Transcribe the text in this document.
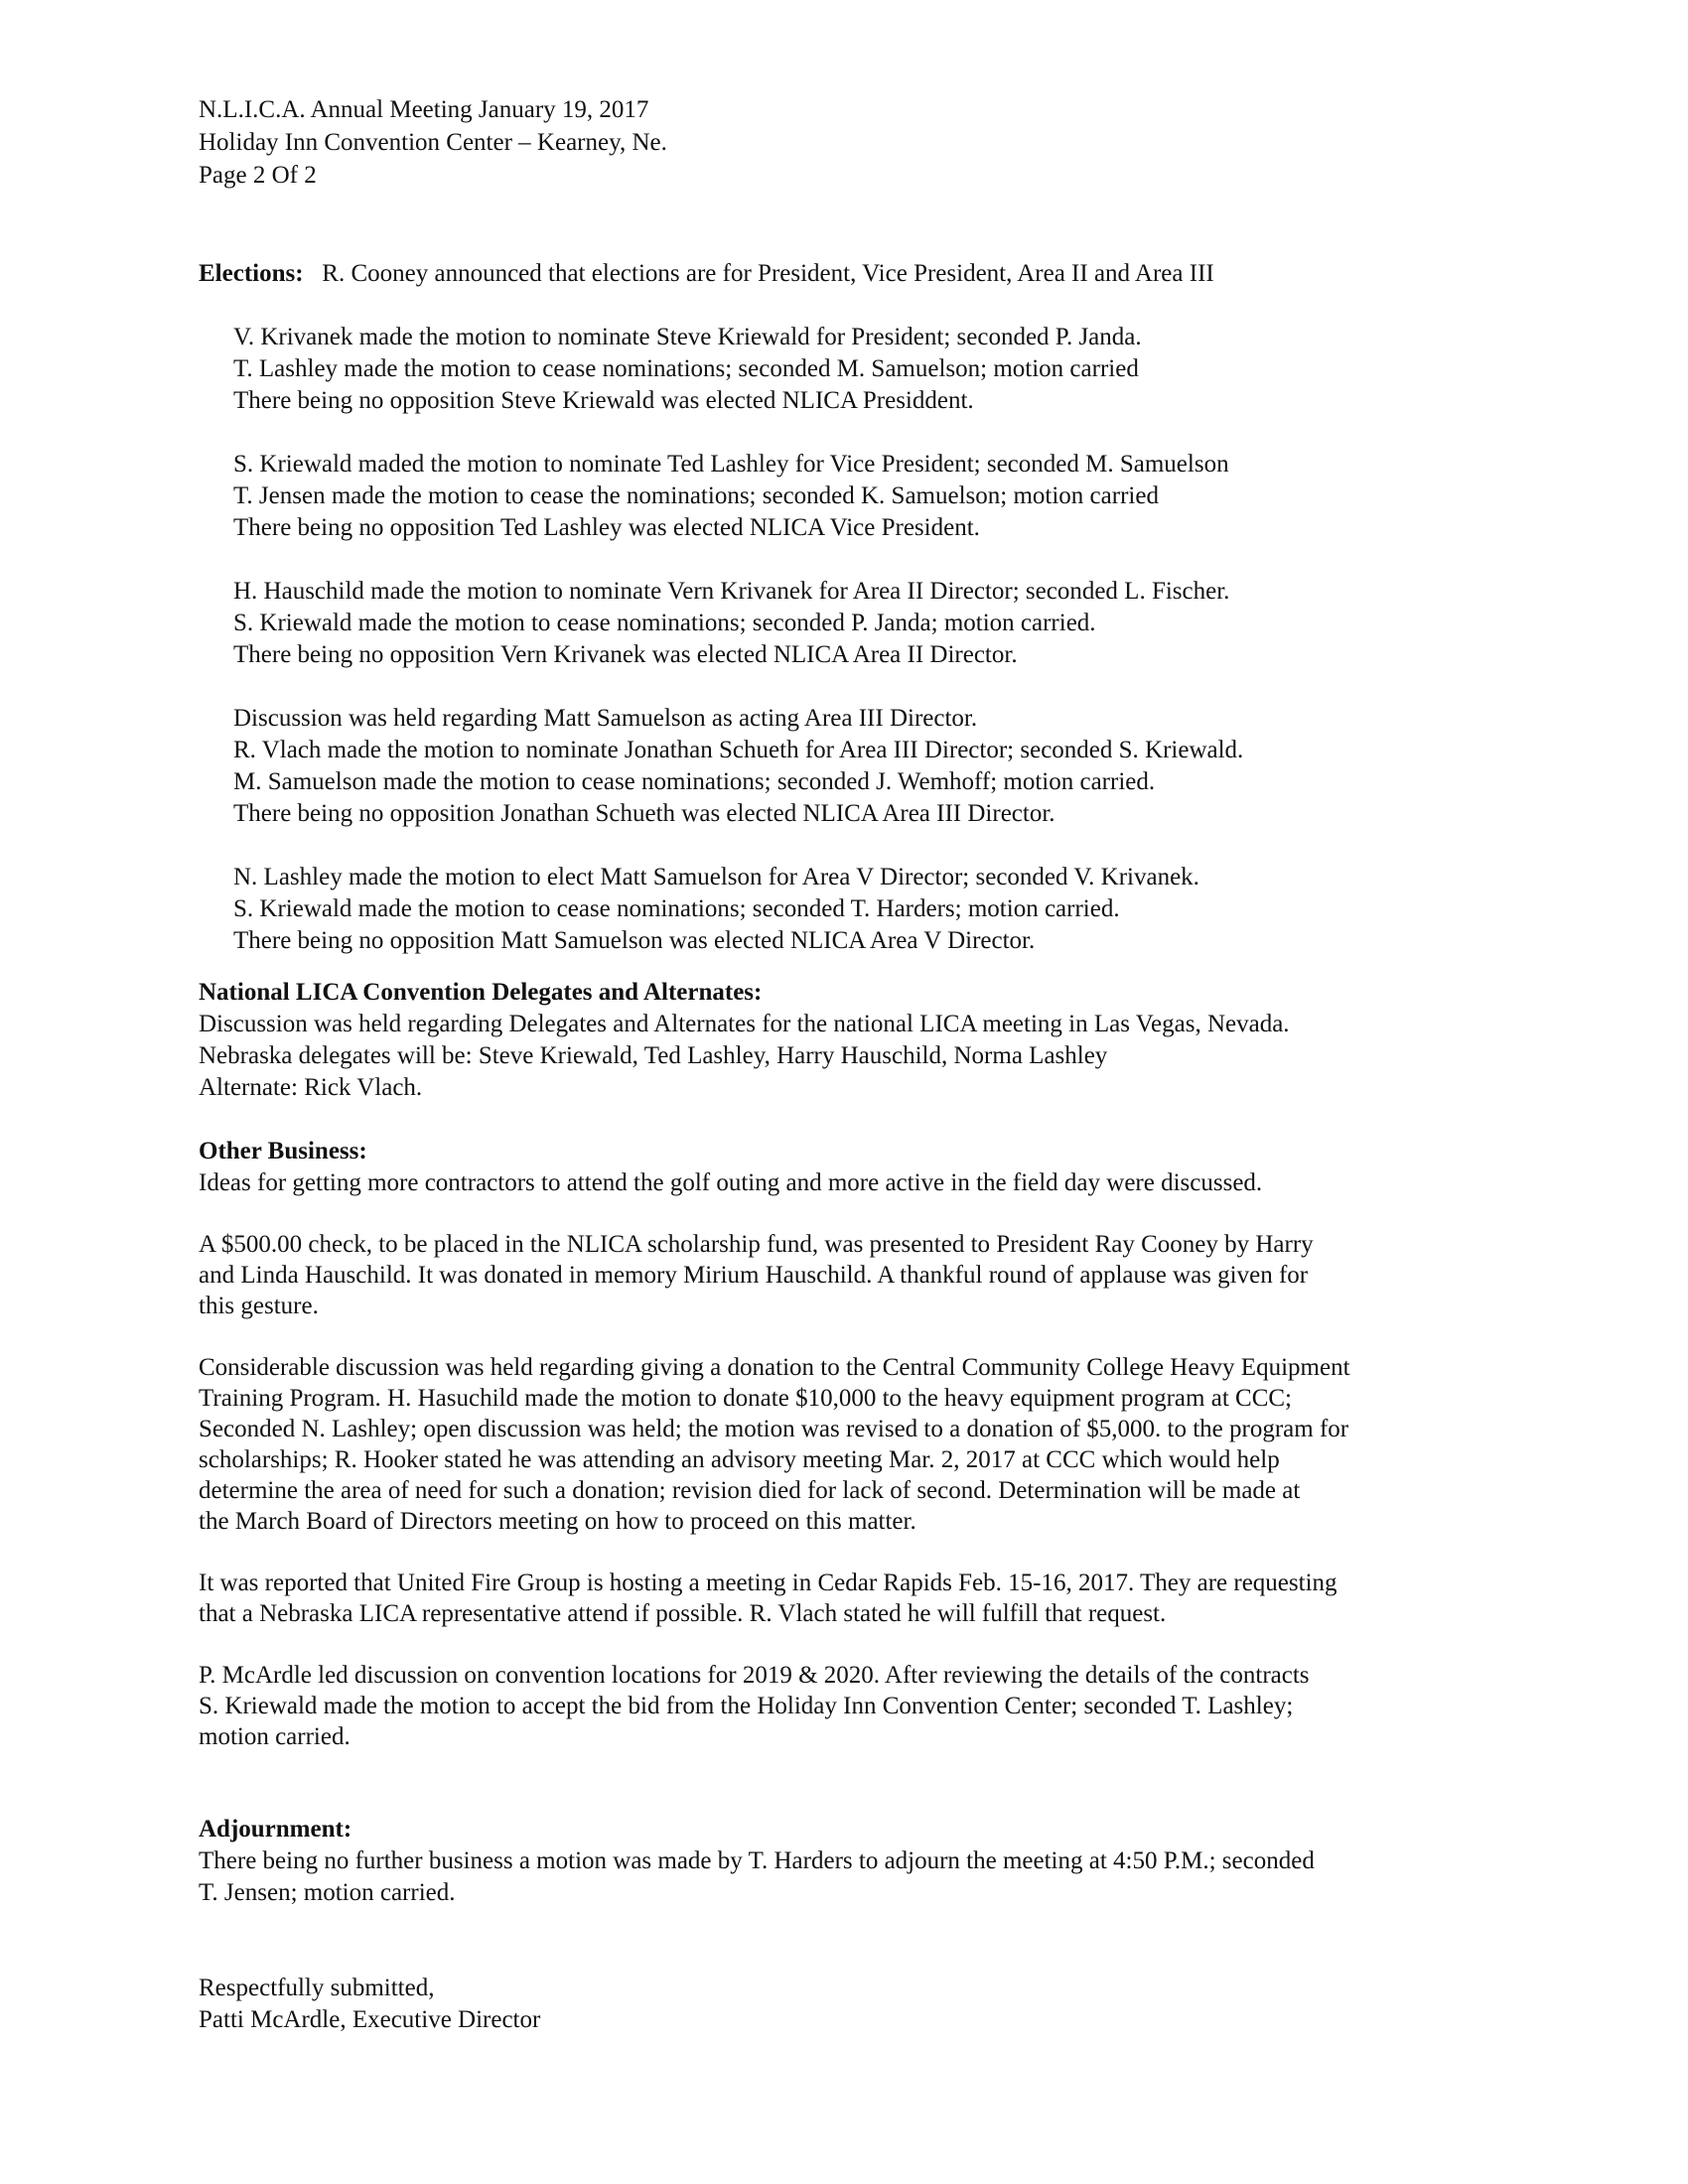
N.L.I.C.A. Annual Meeting January 19, 2017
Holiday Inn Convention Center – Kearney, Ne.
Page 2 Of 2
Elections: R. Cooney announced that elections are for President, Vice President, Area II and Area III
V. Krivanek made the motion to nominate Steve Kriewald for President; seconded P. Janda.
T. Lashley made the motion to cease nominations; seconded M. Samuelson; motion carried
There being no opposition Steve Kriewald was elected NLICA Presiddent.
S. Kriewald maded the motion to nominate Ted Lashley for Vice President; seconded M. Samuelson
T. Jensen made the motion to cease the nominations; seconded K. Samuelson; motion carried
There being no opposition Ted Lashley was elected NLICA Vice President.
H. Hauschild made the motion to nominate Vern Krivanek for Area II Director; seconded L. Fischer.
S. Kriewald made the motion to cease nominations; seconded P. Janda; motion carried.
There being no opposition Vern Krivanek was elected NLICA Area II Director.
Discussion was held regarding Matt Samuelson as acting Area III Director.
R. Vlach made the motion to nominate Jonathan Schueth for Area III Director; seconded S. Kriewald.
M. Samuelson made the motion to cease nominations; seconded J. Wemhoff; motion carried.
There being no opposition Jonathan Schueth was elected NLICA Area III Director.
N. Lashley made the motion to elect Matt Samuelson for Area V Director; seconded V. Krivanek.
S. Kriewald made the motion to cease nominations; seconded T. Harders; motion carried.
There being no opposition Matt Samuelson was elected NLICA Area V Director.
National LICA Convention Delegates and Alternates:
Discussion was held regarding Delegates and Alternates for the national LICA meeting in Las Vegas, Nevada.
Nebraska delegates will be: Steve Kriewald, Ted Lashley, Harry Hauschild, Norma Lashley
Alternate: Rick Vlach.
Other Business:
Ideas for getting more contractors to attend the golf outing and more active in the field day were discussed.
A $500.00 check, to be placed in the NLICA scholarship fund, was presented to President Ray Cooney by Harry
and Linda Hauschild. It was donated in memory Mirium Hauschild. A thankful round of applause was given for
this gesture.
Considerable discussion was held regarding giving a donation to the Central Community College Heavy Equipment
Training Program. H. Hasuchild made the motion to donate $10,000 to the heavy equipment program at CCC;
Seconded N. Lashley; open discussion was held; the motion was revised to a donation of $5,000. to the program for
scholarships; R. Hooker stated he was attending an advisory meeting Mar. 2, 2017 at CCC which would help
determine the area of need for such a donation; revision died for lack of second. Determination will be made at
the March Board of Directors meeting on how to proceed on this matter.
It was reported that United Fire Group is hosting a meeting in Cedar Rapids Feb. 15-16, 2017. They are requesting
that a Nebraska LICA representative attend if possible. R. Vlach stated he will fulfill that request.
P. McArdle led discussion on convention locations for 2019 & 2020. After reviewing the details of the contracts
S. Kriewald made the motion to accept the bid from the Holiday Inn Convention Center; seconded T. Lashley;
motion carried.
Adjournment:
There being no further business a motion was made by T. Harders to adjourn the meeting at 4:50 P.M.; seconded
T. Jensen; motion carried.
Respectfully submitted,
Patti McArdle, Executive Director
